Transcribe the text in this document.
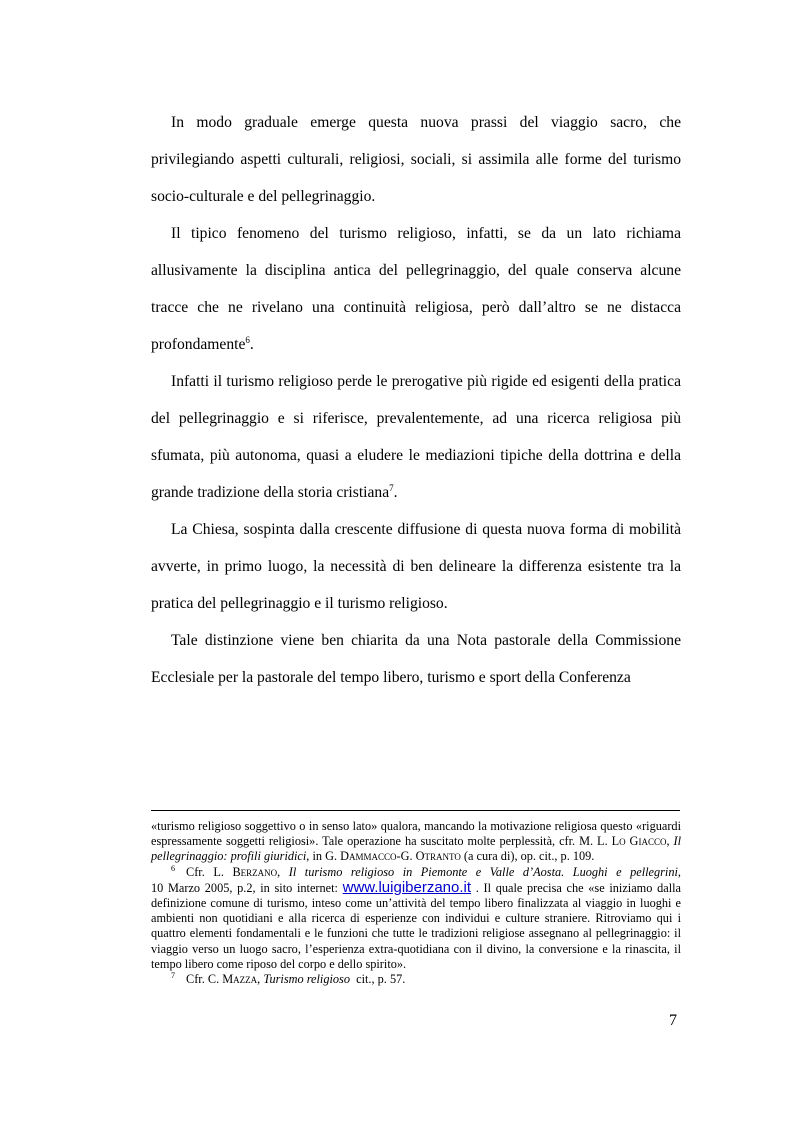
In modo graduale emerge questa nuova prassi del viaggio sacro, che privilegiando aspetti culturali, religiosi, sociali, si assimila alle forme del turismo socio-culturale e del pellegrinaggio.

Il tipico fenomeno del turismo religioso, infatti, se da un lato richiama allusivamente la disciplina antica del pellegrinaggio, del quale conserva alcune tracce che ne rivelano una continuità religiosa, però dall’altro se ne distacca profondamente$^6$.

Infatti il turismo religioso perde le prerogative più rigide ed esigenti della pratica del pellegrinaggio e si riferisce, prevalentemente, ad una ricerca religiosa più sfumata, più autonoma, quasi a eludere le mediazioni tipiche della dottrina e della grande tradizione della storia cristiana$^7$.

La Chiesa, sospinta dalla crescente diffusione di questa nuova forma di mobilità avverte, in primo luogo, la necessità di ben delineare la differenza esistente tra la pratica del pellegrinaggio e il turismo religioso.

Tale distinzione viene ben chiarita da una Nota pastorale della Commissione Ecclesiale per la pastorale del tempo libero, turismo e sport della Conferenza

«turismo religioso soggettivo o in senso lato» qualora, mancando la motivazione religiosa questo «riguardi espressamente soggetti religiosi». Tale operazione ha suscitato molte perplessità, cfr. M. L. Lo Giacco, Il pellegrinaggio: profili giuridici, in G. Dammacco-G. Otranto (a cura di), op. cit., p. 109.

6 Cfr. L. Berzano, Il turismo religioso in Piemonte e Valle d’Aosta. Luoghi e pellegrini,
10 Marzo 2005, p.2, in sito internet: www.luigiberzano.it . Il quale precisa che «se iniziamo dalla definizione comune di turismo, inteso come un’attività del tempo libero finalizzata al viaggio in luoghi e ambienti non quotidiani e alla ricerca di esperienze con individui e culture straniere. Ritroviamo qui i quattro elementi fondamentali e le funzioni che tutte le tradizioni religiose assegnano al pellegrinaggio: il viaggio verso un luogo sacro, l’esperienza extra-quotidiana con il divino, la conversione e la rinascita, il tempo libero come riposo del corpo e dello spirito».

7 Cfr. C. Mazza, Turismo religioso  cit., p. 57.

7
